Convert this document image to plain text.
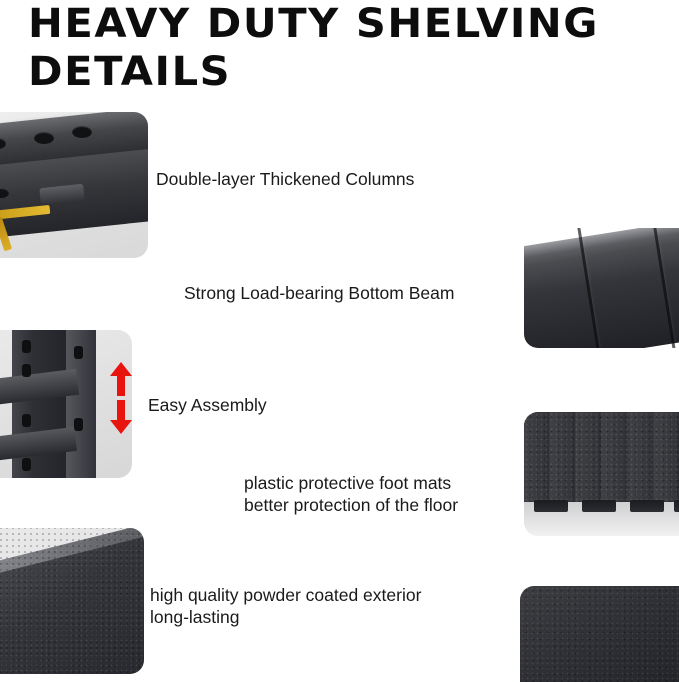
HEAVY DUTY SHELVING
DETAILS
Double-layer Thickened Columns
Strong Load-bearing Bottom Beam
Easy Assembly
plastic protective foot mats
better protection of the floor
high quality powder coated exterior
long-lasting
